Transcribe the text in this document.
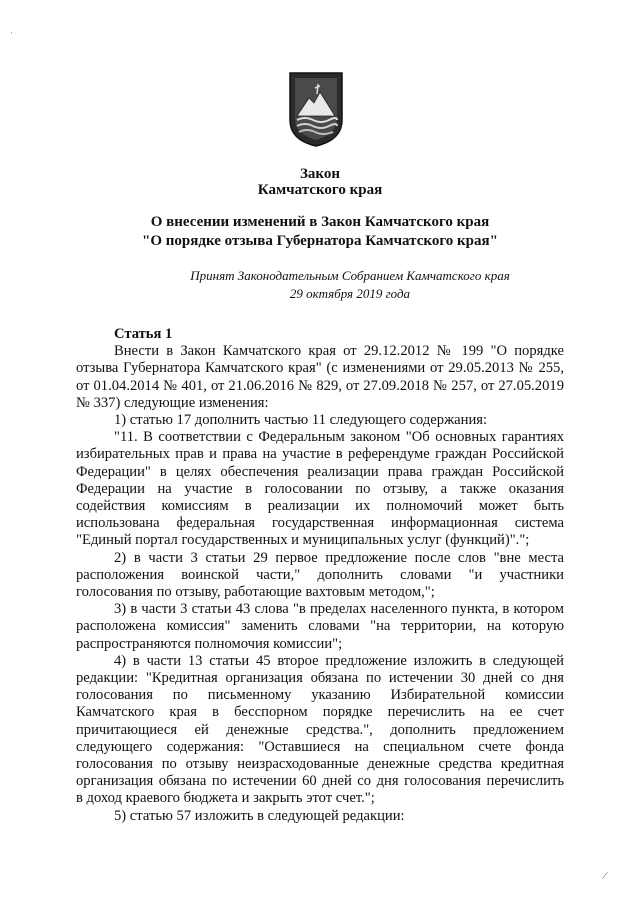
·
Закон
Камчатского края
О внесении изменений в Закон Камчатского края
"О порядке отзыва Губернатора Камчатского края"
Принят Законодательным Собранием Камчатского края
29 октября 2019 года
Статья 1
Внести в Закон Камчатского края от 29.12.2012 № 199 "О порядке
отзыва Губернатора Камчатского края" (с изменениями от 29.05.2013 № 255,
от 01.04.2014 № 401, от 21.06.2016 № 829, от 27.09.2018 № 257, от 27.05.2019
№ 337) следующие изменения:
1) статью 17 дополнить частью 11 следующего содержания:
"11. В соответствии с Федеральным законом "Об основных гарантиях
избирательных прав и права на участие в референдуме граждан Российской
Федерации" в целях обеспечения реализации права граждан Российской
Федерации на участие в голосовании по отзыву, а также оказания
содействия комиссиям в реализации их полномочий может быть
использована федеральная государственная информационная система
"Единый портал государственных и муниципальных услуг (функций)".";
2) в части 3 статьи 29 первое предложение после слов "вне места
расположения воинской части," дополнить словами "и участники
голосования по отзыву, работающие вахтовым методом,";
3) в части 3 статьи 43 слова "в пределах населенного пункта, в котором
расположена комиссия" заменить словами "на территории, на которую
распространяются полномочия комиссии";
4) в части 13 статьи 45 второе предложение изложить в следующей
редакции: "Кредитная организация обязана по истечении 30 дней со дня
голосования по письменному указанию Избирательной комиссии
Камчатского края в бесспорном порядке перечислить на ее счет
причитающиеся ей денежные средства.", дополнить предложением
следующего содержания: "Оставшиеся на специальном счете фонда
голосования по отзыву неизрасходованные денежные средства кредитная
организация обязана по истечении 60 дней со дня голосования перечислить
в доход краевого бюджета и закрыть этот счет.";
5) статью 57 изложить в следующей редакции:
⁄
